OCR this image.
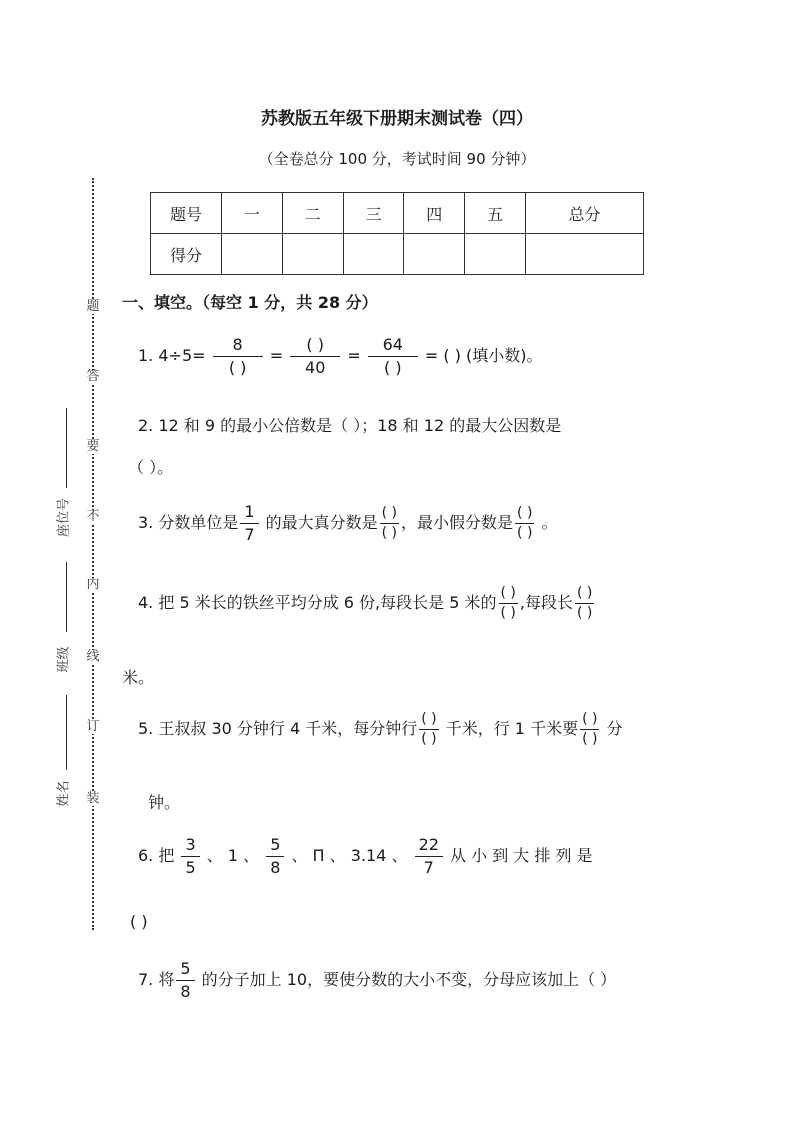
题
答
要
不
内
线
订
装
座位号
班级
姓名
苏教版五年级下册期末测试卷（四）
（全卷总分 100 分，考试时间 90 分钟）
题号	一	二	三	四	五	总分
得分						
一、填空。（每空 1 分，共 28 分）
1. $4\div 5= \frac{8}{( )} = \frac{( )}{40} = \frac{64}{( )}$ = ( ) (填小数)。
2. 12 和 9 的最小公倍数是（ ）；18 和 12 的最大公因数是
（ ）。
3. 分数单位是 $\frac{1}{7}$ 的最大真分数是 $\frac{( )}{( )}$ ，最小假分数是 $\frac{( )}{( )}$ 。
4. 把 5 米长的铁丝平均分成 6 份,每段长是 5 米的 $\frac{( )}{( )}$ ,每段长 $\frac{( )}{( )}$
米。
5. 王叔叔 30 分钟行 4 千米，每分钟行 $\frac{( )}{( )}$ 千米，行 1 千米要 $\frac{( )}{( )}$ 分
钟。
6. 把 $\frac{3}{5}$ 、 1 、 $\frac{5}{8}$ 、 Π 、 3.14 、 $\frac{22}{7}$ 从 小 到 大 排 列 是
( )
7. 将 $\frac{5}{8}$ 的分子加上 10，要使分数的大小不变，分母应该加上（ ）
